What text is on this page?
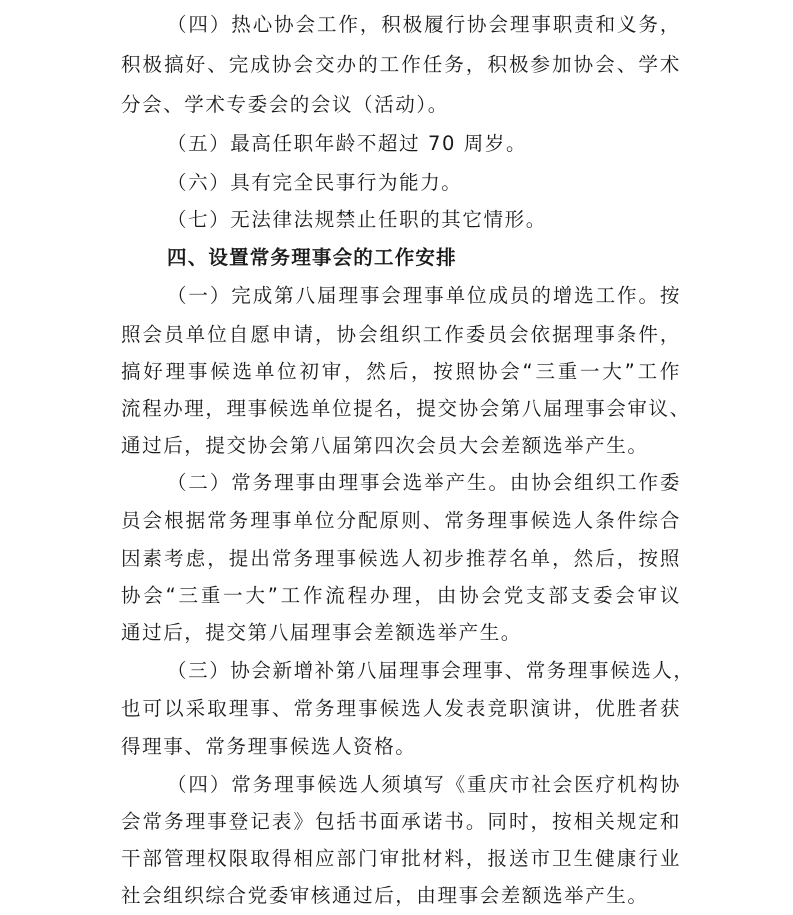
（四）热心协会工作，积极履行协会理事职责和义务，
积极搞好、完成协会交办的工作任务，积极参加协会、学术
分会、学术专委会的会议（活动）。
（五）最高任职年龄不超过 70 周岁。
（六）具有完全民事行为能力。
（七）无法律法规禁止任职的其它情形。
四、设置常务理事会的工作安排
（一）完成第八届理事会理事单位成员的增选工作。按
照会员单位自愿申请，协会组织工作委员会依据理事条件，
搞好理事候选单位初审，然后，按照协会“三重一大”工作
流程办理，理事候选单位提名，提交协会第八届理事会审议、
通过后，提交协会第八届第四次会员大会差额选举产生。
（二）常务理事由理事会选举产生。由协会组织工作委
员会根据常务理事单位分配原则、常务理事候选人条件综合
因素考虑，提出常务理事候选人初步推荐名单，然后，按照
协会“三重一大”工作流程办理，由协会党支部支委会审议
通过后，提交第八届理事会差额选举产生。
（三）协会新增补第八届理事会理事、常务理事候选人，
也可以采取理事、常务理事候选人发表竞职演讲，优胜者获
得理事、常务理事候选人资格。
（四）常务理事候选人须填写《重庆市社会医疗机构协
会常务理事登记表》包括书面承诺书。同时，按相关规定和
干部管理权限取得相应部门审批材料，报送市卫生健康行业
社会组织综合党委审核通过后，由理事会差额选举产生。
